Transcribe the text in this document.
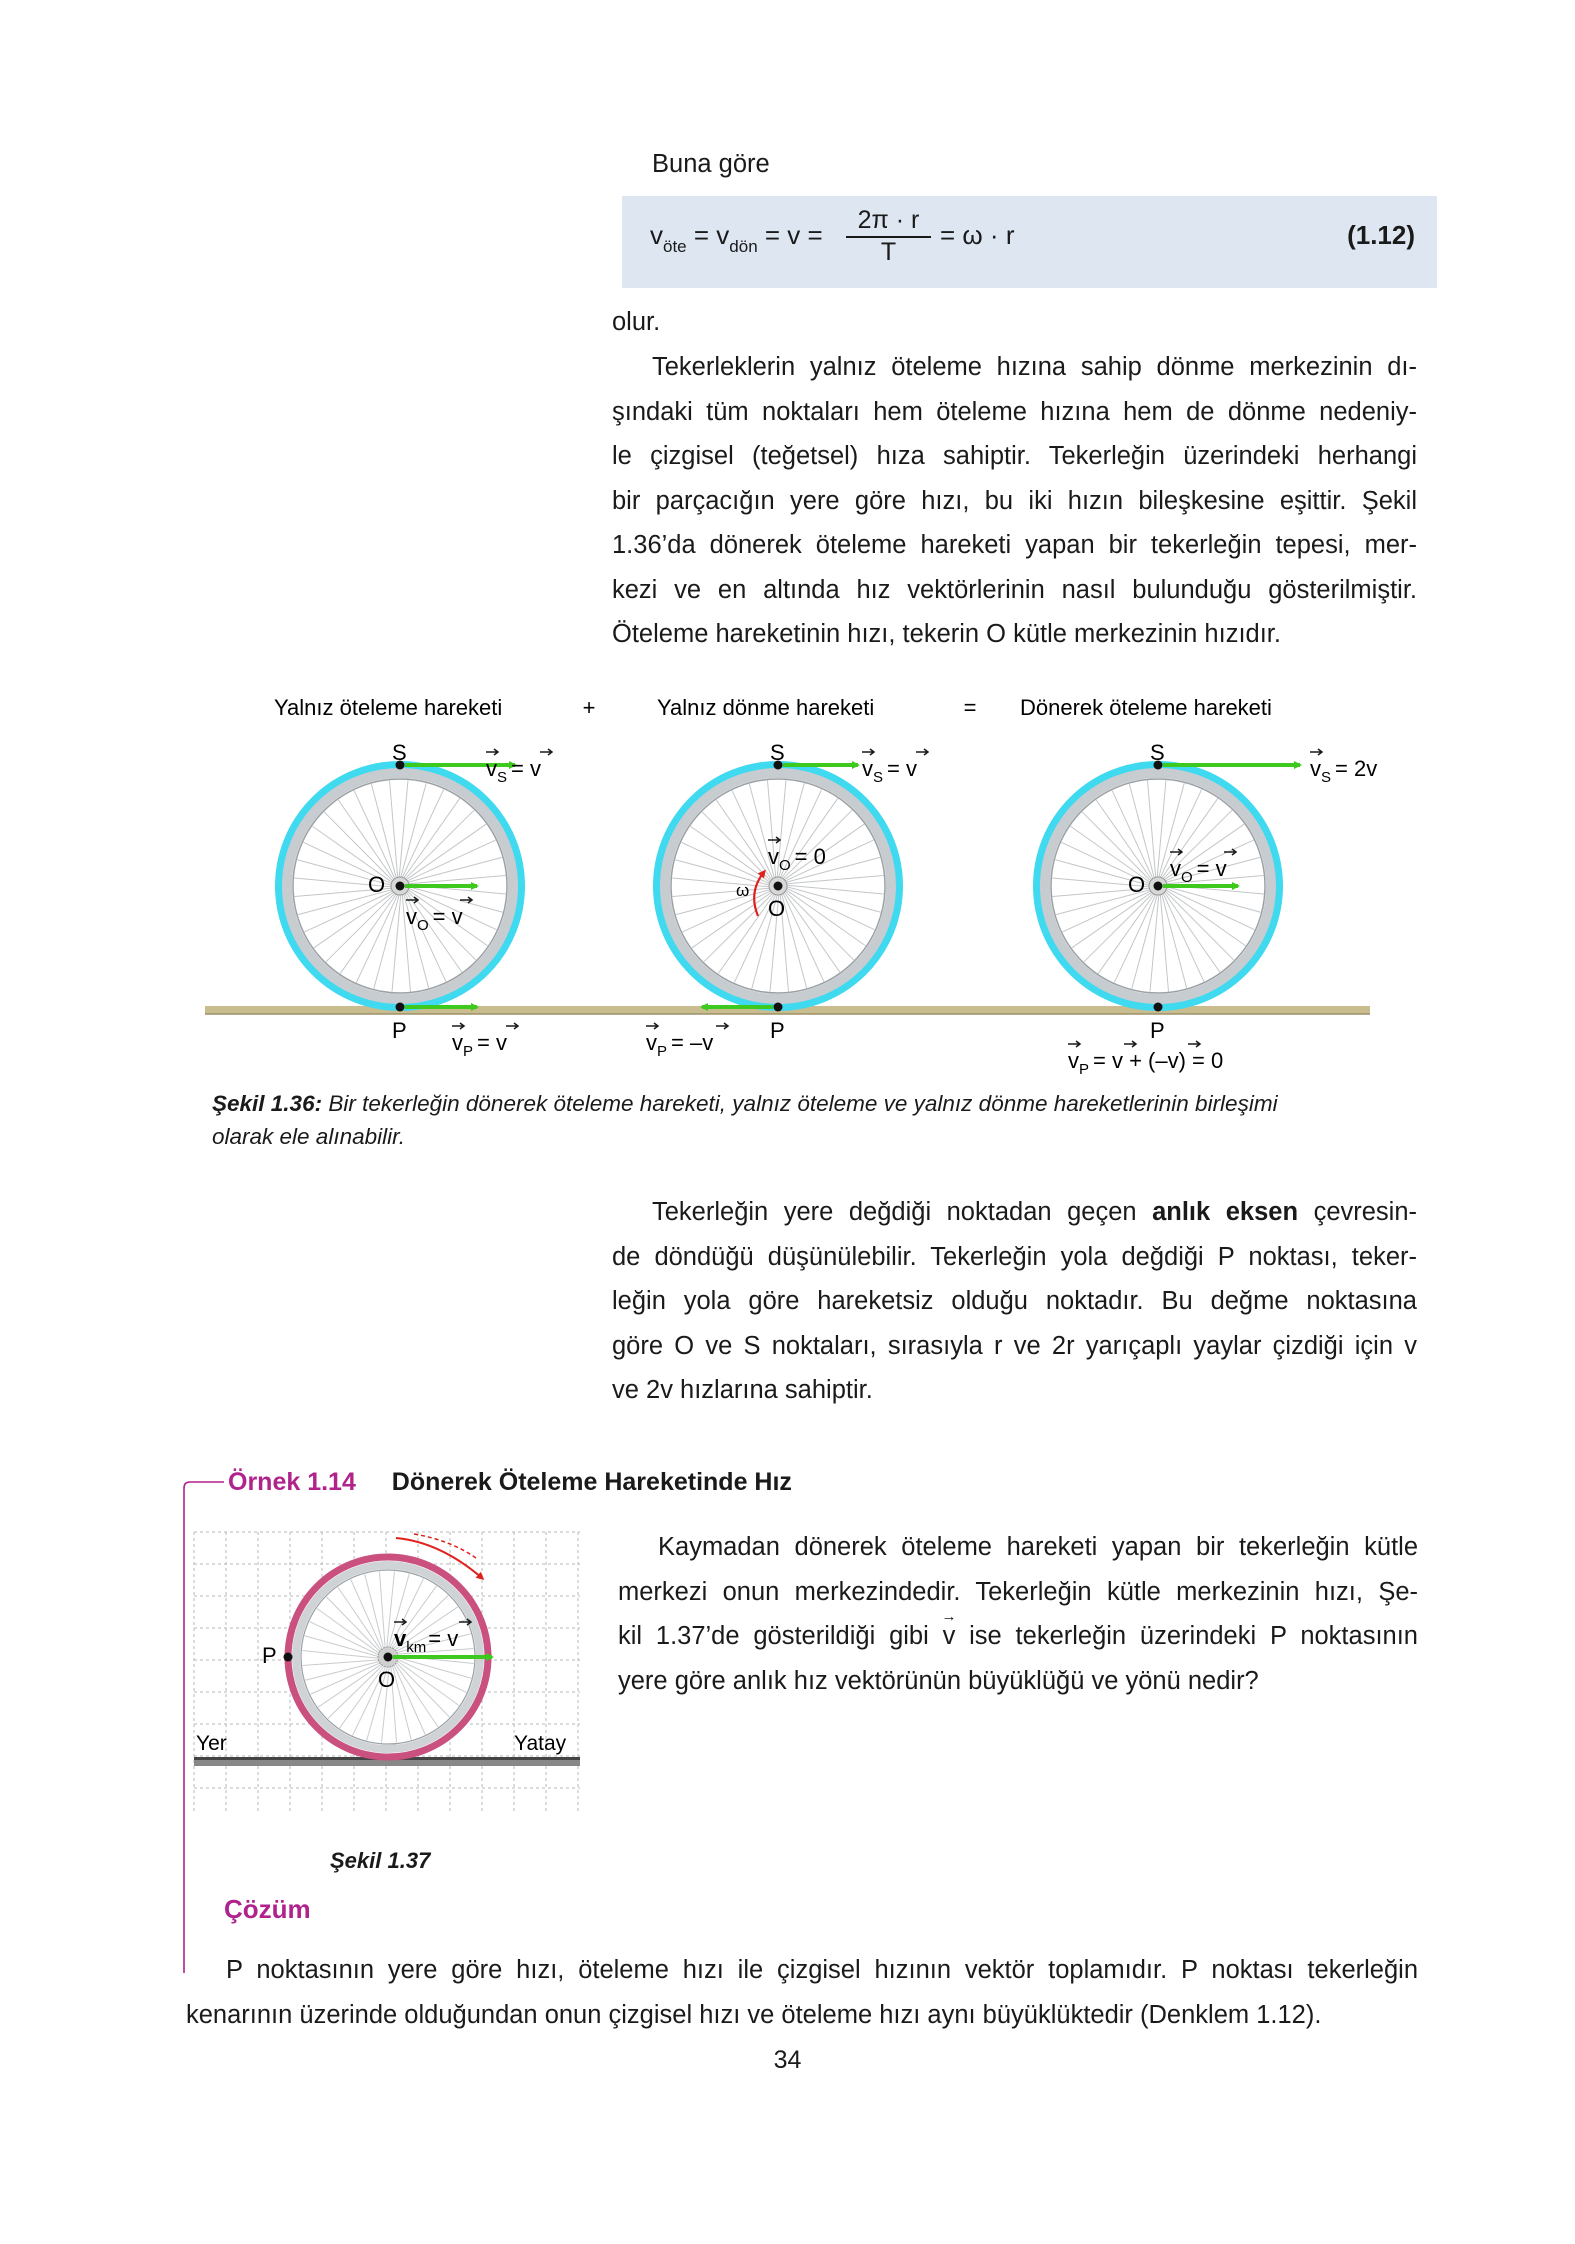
Buna göre
$v_{öte} = v_{dön} = v = \frac{2\pi \cdot r}{T} = \omega \cdot r$	(1.12)
olur.
Tekerleklerin yalnız öteleme hızına sahip dönme merkezinin dı-
şındaki tüm noktaları hem öteleme hızına hem de dönme nedeniy-
le çizgisel (teğetsel) hıza sahiptir. Tekerleğin üzerindeki herhangi
bir parçacığın yere göre hızı, bu iki hızın bileşkesine eşittir. Şekil
1.36’da dönerek öteleme hareketi yapan bir tekerleğin tepesi, mer-
kezi ve en altında hız vektörlerinin nasıl bulunduğu gösterilmiştir.
Öteleme hareketinin hızı, tekerin O kütle merkezinin hızıdır.
Yalnız öteleme hareketi	+	Yalnız dönme hareketi	= Dönerek öteleme hareketi
S
O
P
$v_S = v$
$v_O = v$
$v_P = v$
S
O
P
ω
$v_S = v$
$v_O = 0$
$v_P = -v$
S
O
P
$v_S = 2v$
$v_O = v$
$v_P = v + (-v) = 0$
Şekil 1.36: Bir tekerleğin dönerek öteleme hareketi, yalnız öteleme ve yalnız dönme hareketlerinin birleşimi
olarak ele alınabilir.
Tekerleğin yere değdiği noktadan geçen anlık eksen çevresin-
de döndüğü düşünülebilir. Tekerleğin yola değdiği P noktası, teker-
leğin yola göre hareketsiz olduğu noktadır. Bu değme noktasına
göre O ve S noktaları, sırasıyla r ve 2r yarıçaplı yaylar çizdiği için v
ve 2v hızlarına sahiptir.
Örnek 1.14 Dönerek Öteleme Hareketinde Hız
Kaymadan dönerek öteleme hareketi yapan bir tekerleğin kütle
merkezi onun merkezindedir. Tekerleğin kütle merkezinin hızı, Şe-
kil 1.37’de gösterildiği gibi → v ise tekerleğin üzerindeki P noktasının
yere göre anlık hız vektörünün büyüklüğü ve yönü nedir?
P
O
$v_{km}= v$
Yer	Yatay
Şekil 1.37
Çözüm
P noktasının yere göre hızı, öteleme hızı ile çizgisel hızının vektör toplamıdır. P noktası tekerleğin
kenarının üzerinde olduğundan onun çizgisel hızı ve öteleme hızı aynı büyüklüktedir (Denklem 1.12).
34
